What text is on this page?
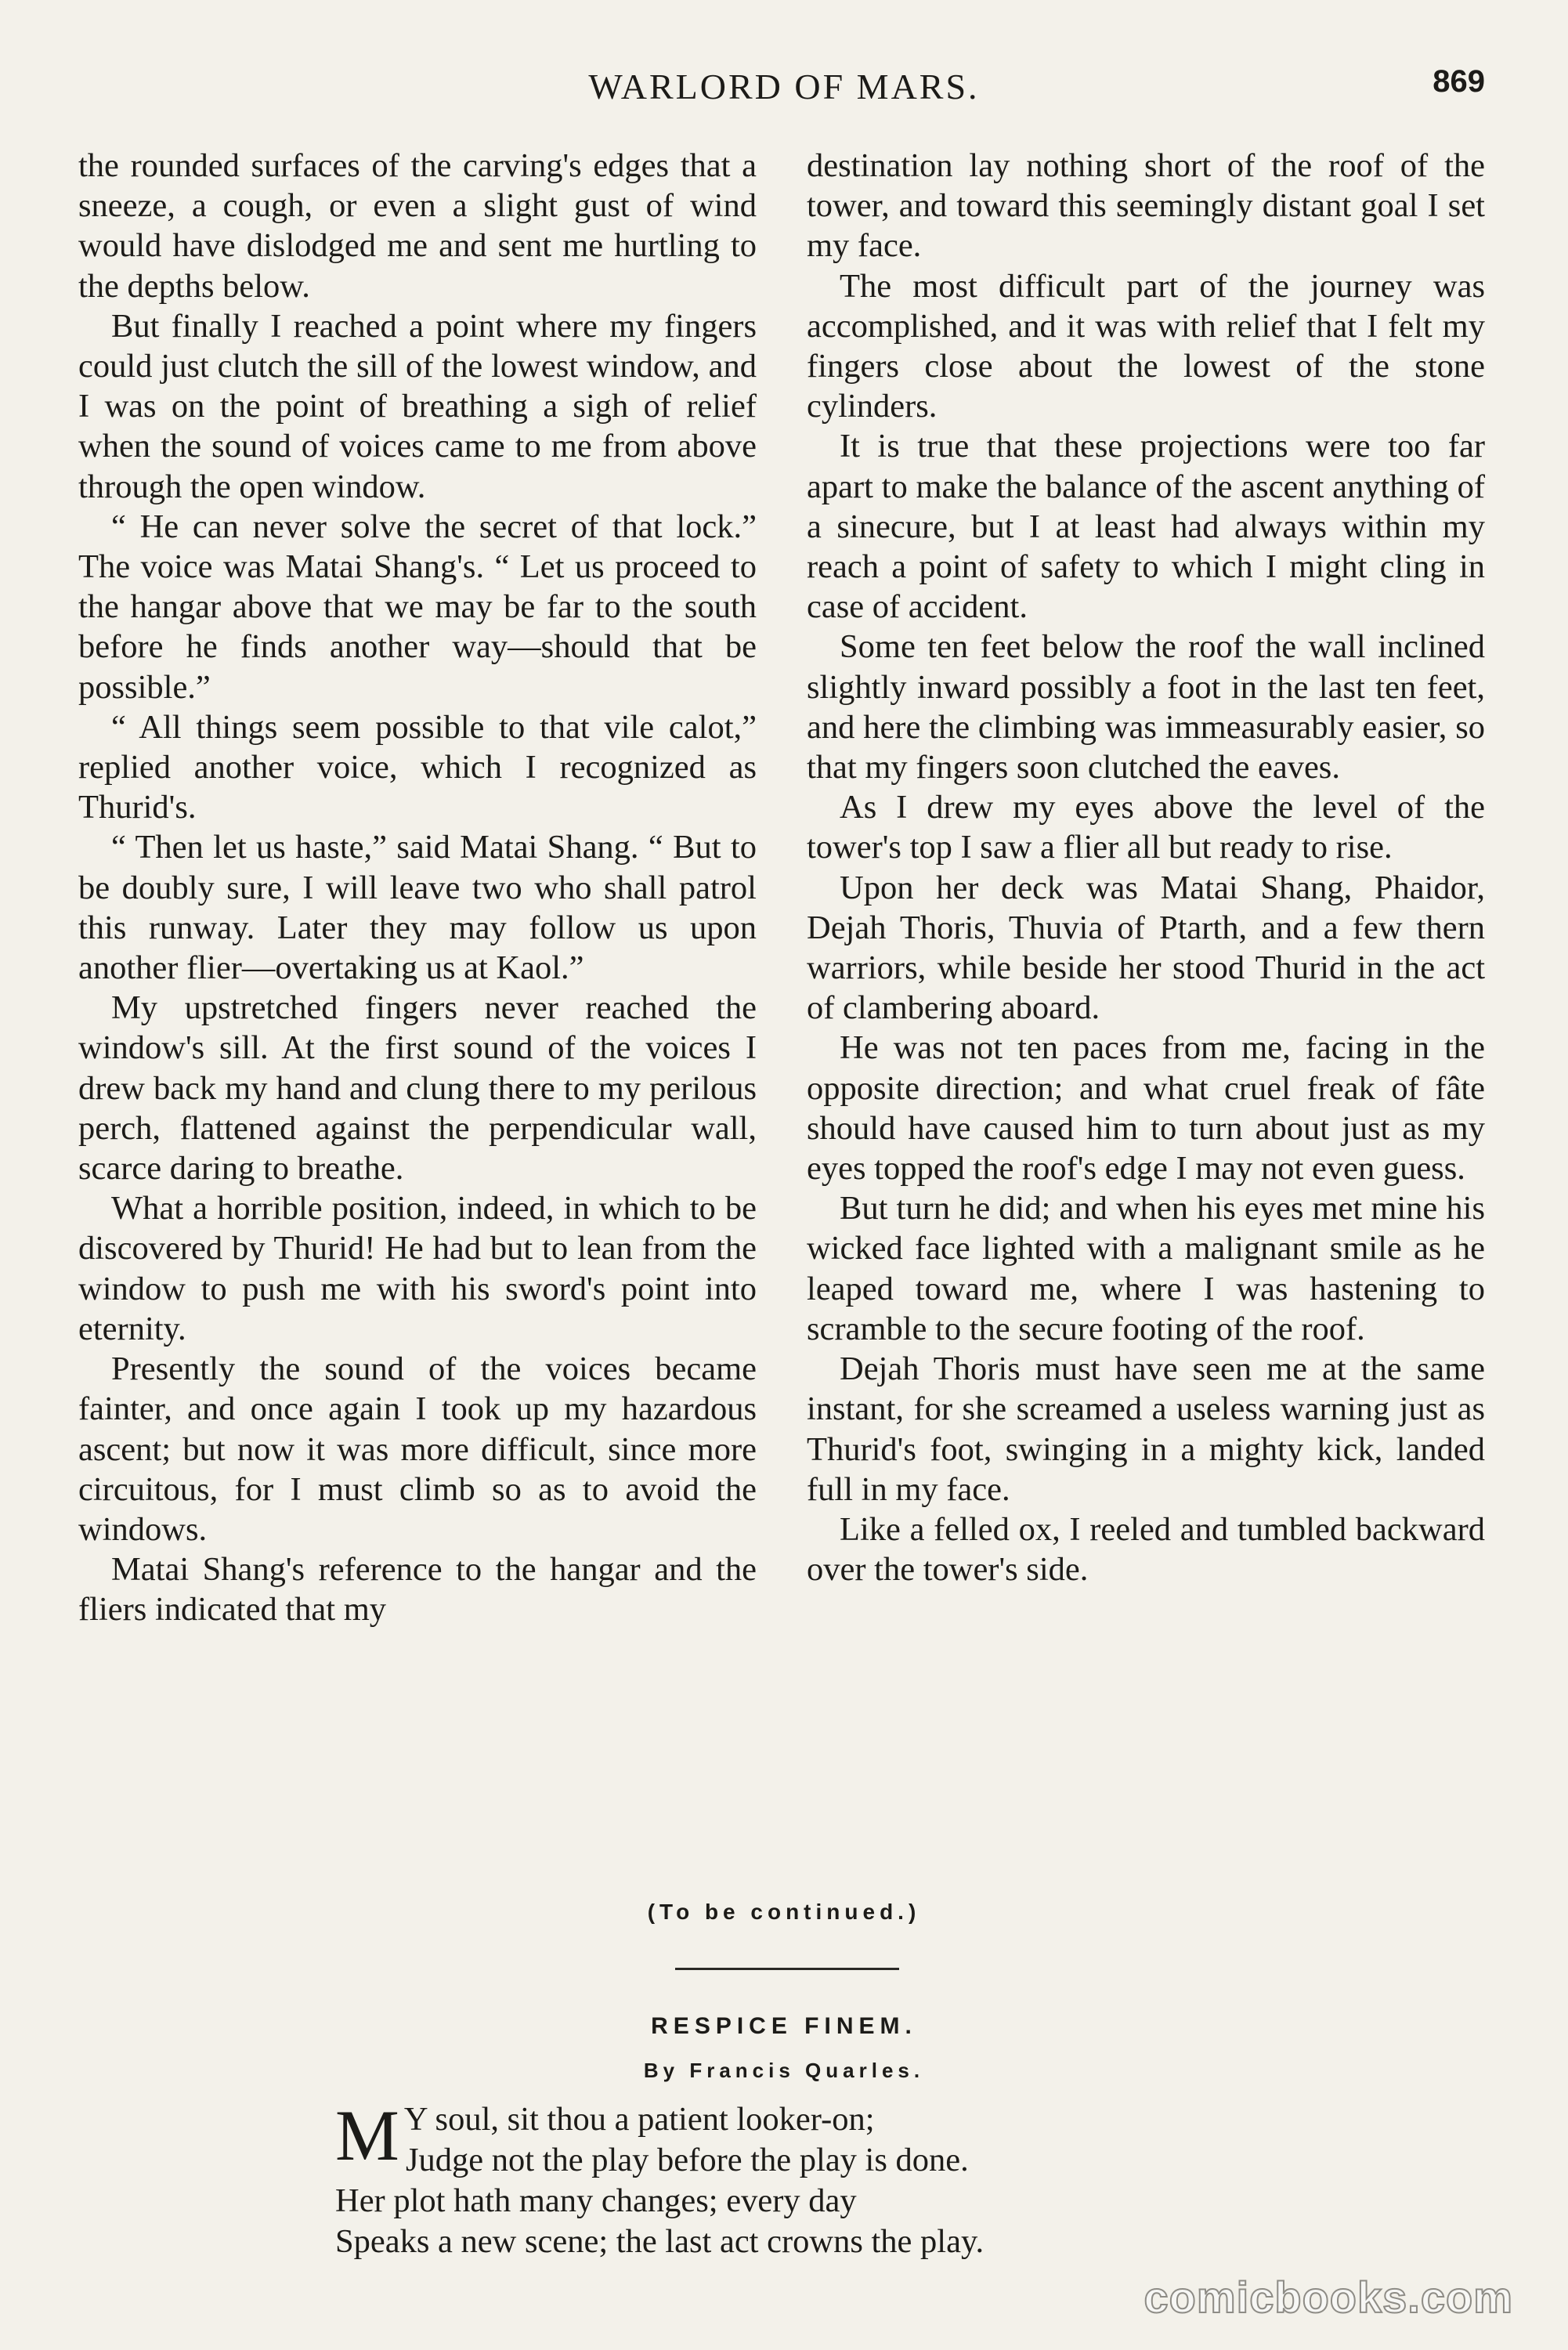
WARLORD OF MARS.	869

the rounded surfaces of the carving's edges that a sneeze, a cough, or even a slight gust of wind would have dislodged me and sent me hurtling to the depths below.

But finally I reached a point where my fingers could just clutch the sill of the lowest window, and I was on the point of breathing a sigh of relief when the sound of voices came to me from above through the open window.

“ He can never solve the secret of that lock.” The voice was Matai Shang's. “ Let us proceed to the hangar above that we may be far to the south before he finds another way—should that be possible.”

“ All things seem possible to that vile calot,” replied another voice, which I recognized as Thurid's.

“ Then let us haste,” said Matai Shang. “ But to be doubly sure, I will leave two who shall patrol this runway. Later they may follow us upon another flier—overtaking us at Kaol.”

My upstretched fingers never reached the window's sill. At the first sound of the voices I drew back my hand and clung there to my perilous perch, flattened against the perpendicular wall, scarce daring to breathe.

What a horrible position, indeed, in which to be discovered by Thurid! He had but to lean from the window to push me with his sword's point into eternity.

Presently the sound of the voices became fainter, and once again I took up my hazardous ascent; but now it was more difficult, since more circuitous, for I must climb so as to avoid the windows.

Matai Shang's reference to the hangar and the fliers indicated that my

destination lay nothing short of the roof of the tower, and toward this seemingly distant goal I set my face.

The most difficult part of the journey was accomplished, and it was with relief that I felt my fingers close about the lowest of the stone cylinders.

It is true that these projections were too far apart to make the balance of the ascent anything of a sinecure, but I at least had always within my reach a point of safety to which I might cling in case of accident.

Some ten feet below the roof the wall inclined slightly inward possibly a foot in the last ten feet, and here the climbing was immeasurably easier, so that my fingers soon clutched the eaves.

As I drew my eyes above the level of the tower's top I saw a flier all but ready to rise.

Upon her deck was Matai Shang, Phaidor, Dejah Thoris, Thuvia of Ptarth, and a few thern warriors, while beside her stood Thurid in the act of clambering aboard.

He was not ten paces from me, facing in the opposite direction; and what cruel freak of fâte should have caused him to turn about just as my eyes topped the roof's edge I may not even guess.

But turn he did; and when his eyes met mine his wicked face lighted with a malignant smile as he leaped toward me, where I was hastening to scramble to the secure footing of the roof.

Dejah Thoris must have seen me at the same instant, for she screamed a useless warning just as Thurid's foot, swinging in a mighty kick, landed full in my face.

Like a felled ox, I reeled and tumbled backward over the tower's side.

(To be continued.)
RESPICE FINEM.
By Francis Quarles.
M Y soul, sit thou a patient looker-on;
Judge not the play before the play is done.
Her plot hath many changes; every day
Speaks a new scene; the last act crowns the play.
comicbooks.com
